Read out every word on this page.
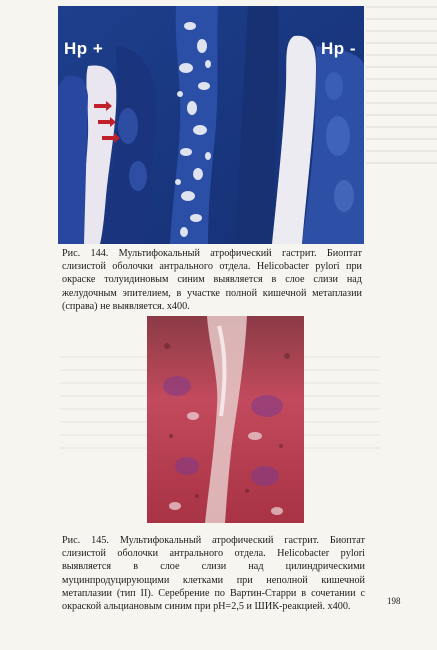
Hp +	Hp -
Рис. 144. Мультифокальный атрофический гастрит. Биоптат слизистой оболочки антрального отдела. Helicobacter pylori при окраске толуидиновым синим выявляется в слое слизи над желудочным эпителием, в участке полной кишечной метаплазии (справа) не выявляется. х400.
Рис. 145. Мультифокальный атрофический гастрит. Биоптат слизистой оболочки антрального отдела. Helicobacter pylori выявляется в слое слизи над цилиндрическими муцинпродуцирующими клетками при неполной кишечной метаплазии (тип II). Серебрение по Вартин-Старри в сочетании с окраской альциановым синим при рН=2,5 и ШИК-реакцией. х400.
198
